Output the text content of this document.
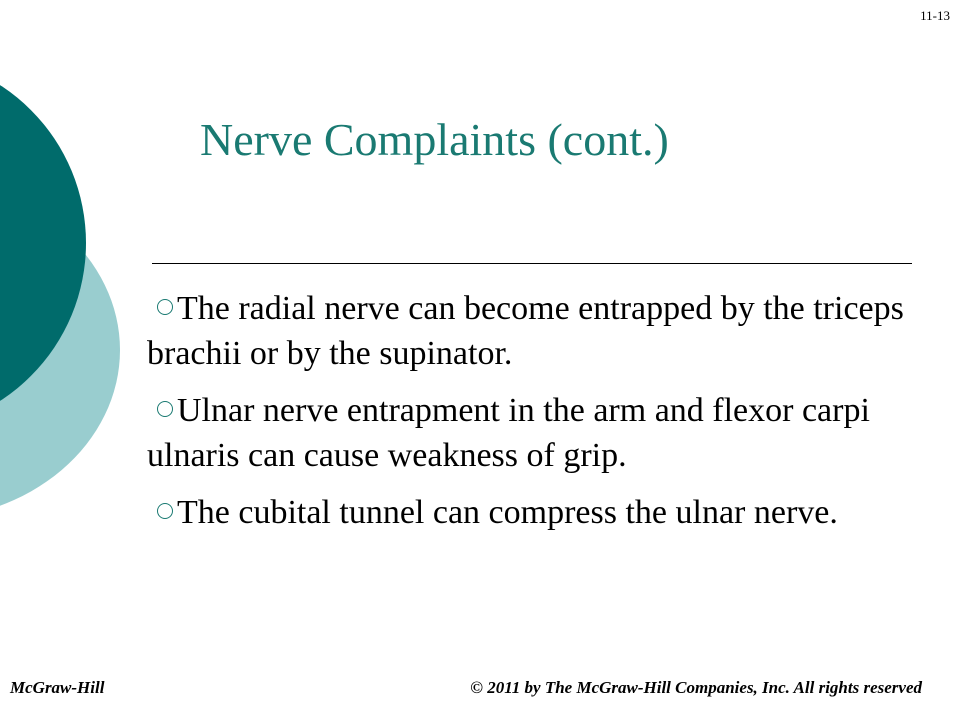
11-13
Nerve Complaints (cont.)
The radial nerve can become entrapped by the triceps brachii or by the supinator.
Ulnar nerve entrapment in the arm and flexor carpi ulnaris can cause weakness of grip.
The cubital tunnel can compress the ulnar nerve.
McGraw-Hill	© 2011 by The McGraw-Hill Companies, Inc. All rights reserved
